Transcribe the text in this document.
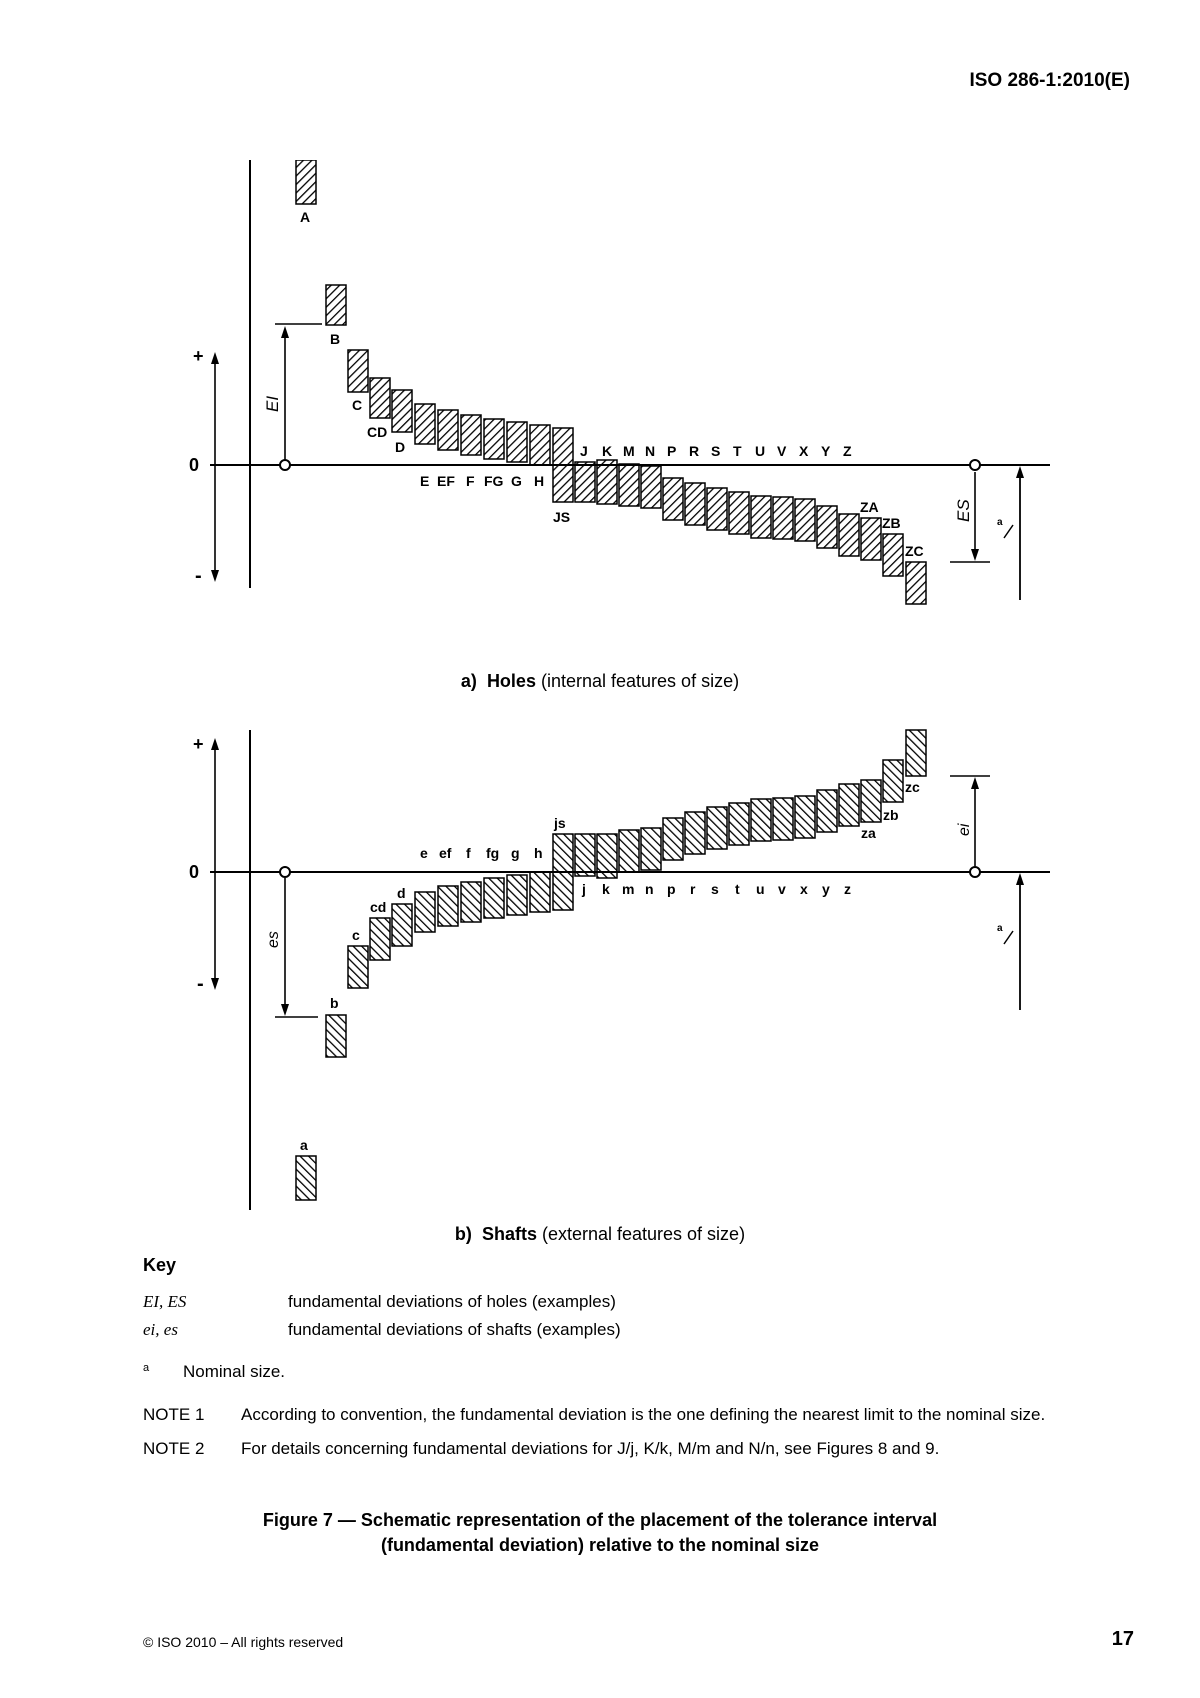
ISO 286-1:2010(E)
+
0
-
EI
ES
a
A
B
C
CD
D
E EF F FG G H
JS
J K M N P R S T U V X Y Z
ZA
ZB
ZC
a) Holes (internal features of size)
+
0
-
es
ei
a
a
b
c
cd
d
e ef f fg g h
js
j k m n p r s t u v x y z
za
zb
zc
b) Shafts (external features of size)
Key
EI, ES	fundamental deviations of holes (examples)
ei, es	fundamental deviations of shafts (examples)
a	Nominal size.
NOTE 1	According to convention, the fundamental deviation is the one defining the nearest limit to the nominal size.
NOTE 2	For details concerning fundamental deviations for J/j, K/k, M/m and N/n, see Figures 8 and 9.
Figure 7 — Schematic representation of the placement of the tolerance interval
(fundamental deviation) relative to the nominal size
© ISO 2010 – All rights reserved	17
